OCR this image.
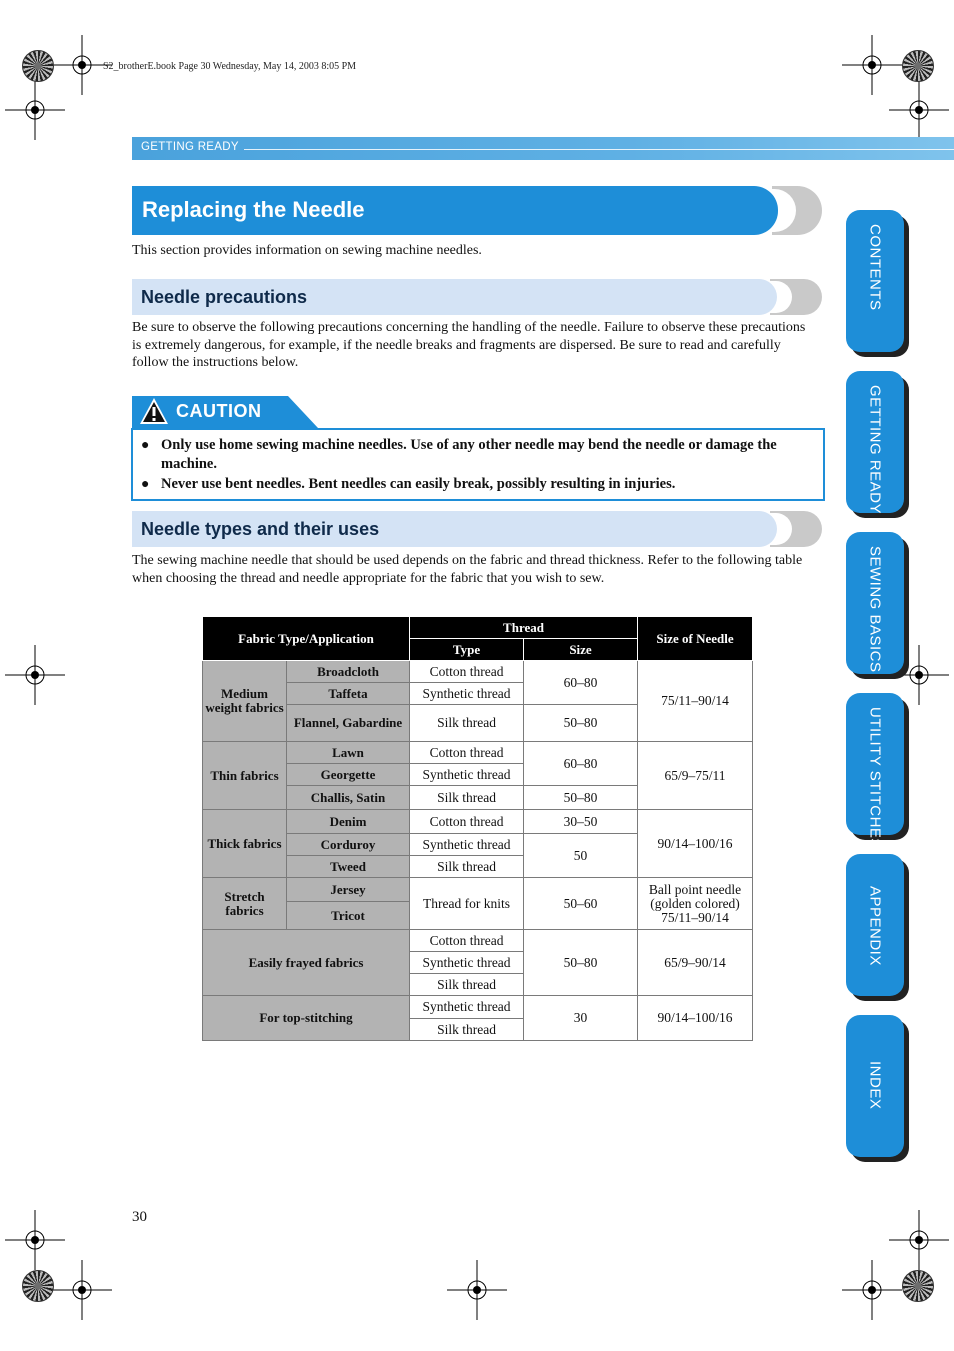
S2_brotherE.book Page 30 Wednesday, May 14, 2003 8:05 PM
GETTING READY
Replacing the Needle
This section provides information on sewing machine needles.
Needle precautions
Be sure to observe the following precautions concerning the handling of the needle. Failure to observe these precautions is extremely dangerous, for example, if the needle breaks and fragments are dispersed. Be sure to read and carefully follow the instructions below.
CAUTION
● Only use home sewing machine needles. Use of any other needle may bend the needle or damage the machine.
● Never use bent needles. Bent needles can easily break, possibly resulting in injuries.
Needle types and their uses
The sewing machine needle that should be used depends on the fabric and thread thickness. Refer to the following table when choosing the thread and needle appropriate for the fabric that you wish to sew.
Fabric Type/Application		Thread		Size of Needle
		Type	Size	
Medium weight fabrics	Broadcloth	Cotton thread	60–80	75/11–90/14
	Taffeta	Synthetic thread		
	Flannel, Gabardine	Silk thread	50–80	
Thin fabrics	Lawn	Cotton thread	60–80	65/9–75/11
	Georgette	Synthetic thread		
	Challis, Satin	Silk thread	50–80	
Thick fabrics	Denim	Cotton thread	30–50	90/14–100/16
	Corduroy	Synthetic thread	50	
	Tweed	Silk thread		
Stretch fabrics	Jersey	Thread for knits	50–60	Ball point needle (golden colored) 75/11–90/14
	Tricot			
Easily frayed fabrics		Cotton thread	50–80	65/9–90/14
		Synthetic thread		
		Silk thread		
For top-stitching		Synthetic thread	30	90/14–100/16
		Silk thread		
CONTENTS
GETTING READY
SEWING BASICS
UTILITY STITCHES
APPENDIX
INDEX
30
